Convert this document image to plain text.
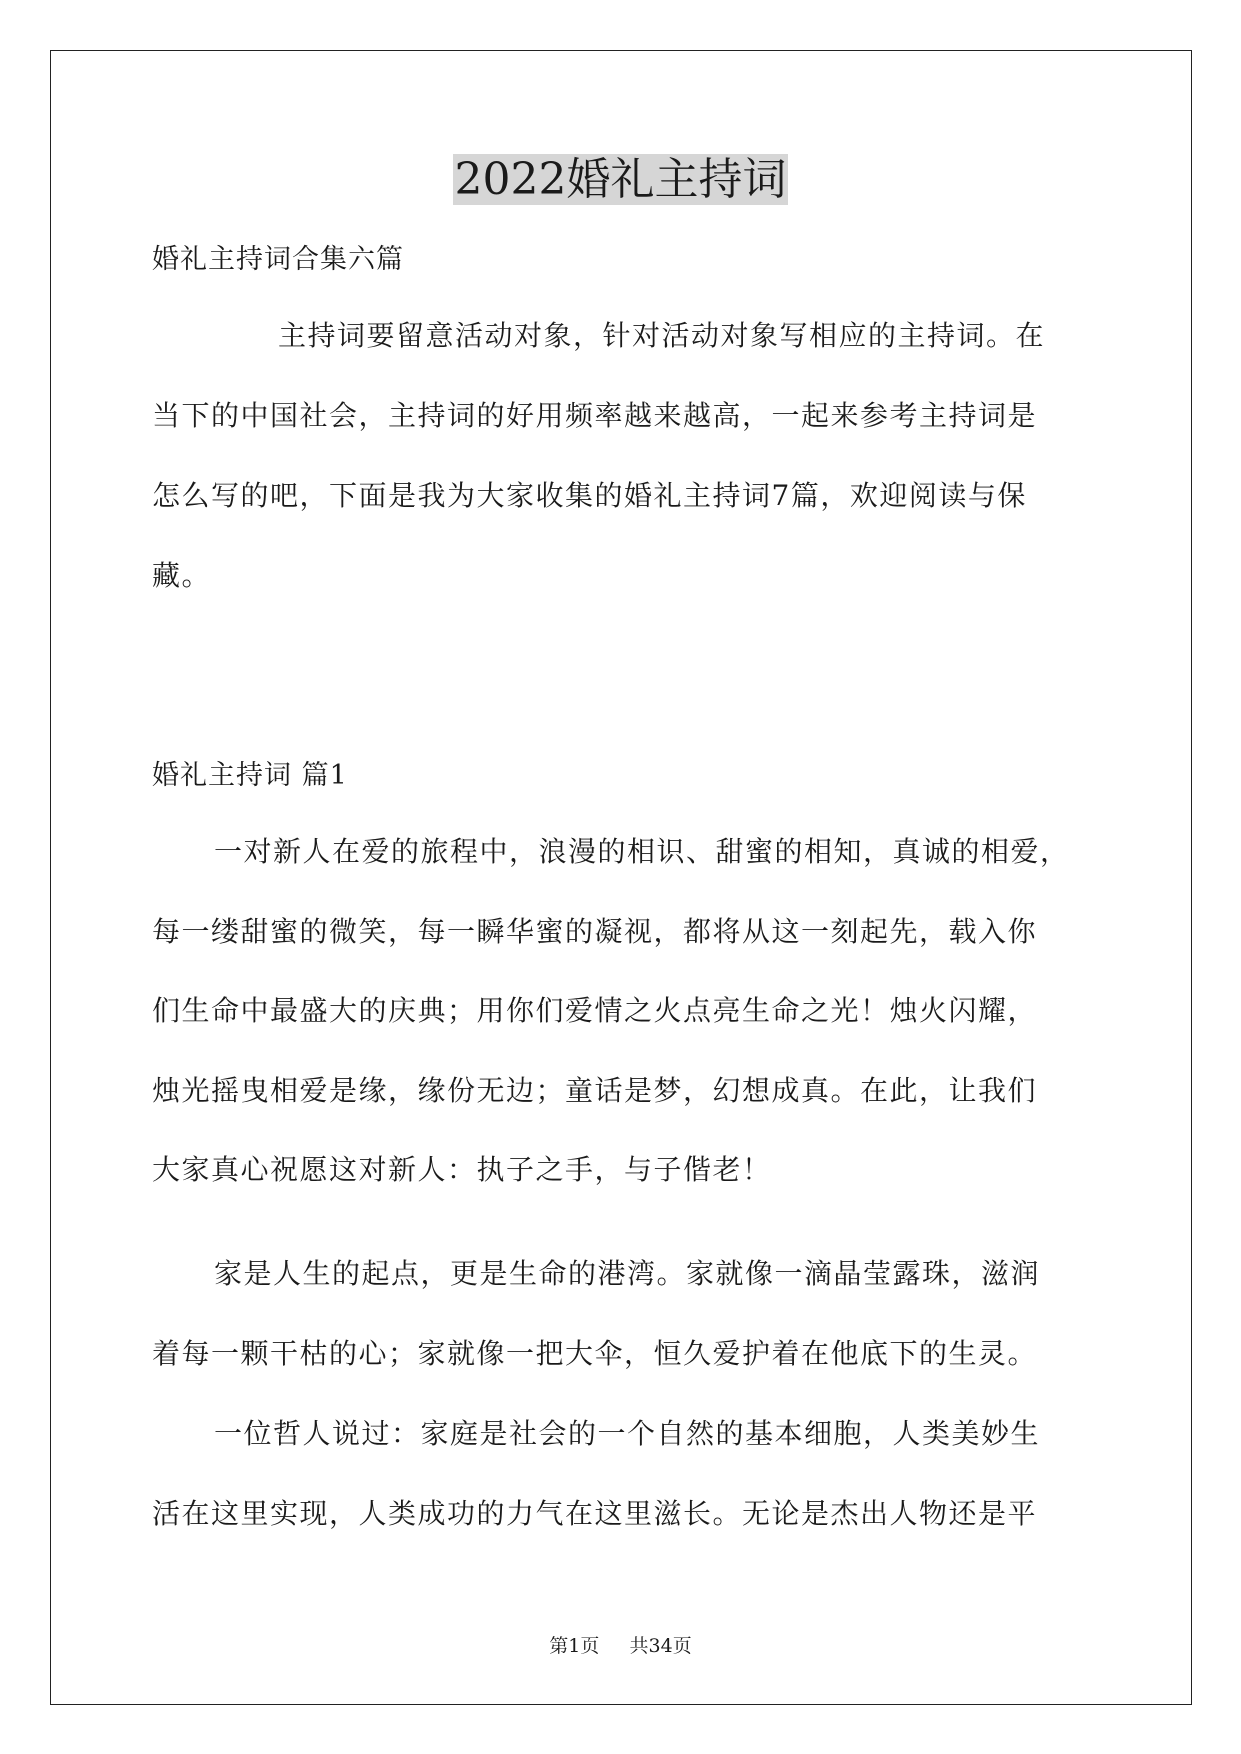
2022婚礼主持词
婚礼主持词合集六篇
主持词要留意活动对象，针对活动对象写相应的主持词。在
当下的中国社会，主持词的好用频率越来越高，一起来参考主持词是
怎么写的吧，下面是我为大家收集的婚礼主持词7篇，欢迎阅读与保
藏。
婚礼主持词 篇1
一对新人在爱的旅程中，浪漫的相识、甜蜜的相知，真诚的相爱，
每一缕甜蜜的微笑，每一瞬华蜜的凝视，都将从这一刻起先，载入你
们生命中最盛大的庆典；用你们爱情之火点亮生命之光！烛火闪耀，
烛光摇曳相爱是缘，缘份无边；童话是梦，幻想成真。在此，让我们
大家真心祝愿这对新人：执子之手，与子偕老！
家是人生的起点，更是生命的港湾。家就像一滴晶莹露珠，滋润
着每一颗干枯的心；家就像一把大伞，恒久爱护着在他底下的生灵。
一位哲人说过：家庭是社会的一个自然的基本细胞，人类美妙生
活在这里实现，人类成功的力气在这里滋长。无论是杰出人物还是平
第1页 共34页
